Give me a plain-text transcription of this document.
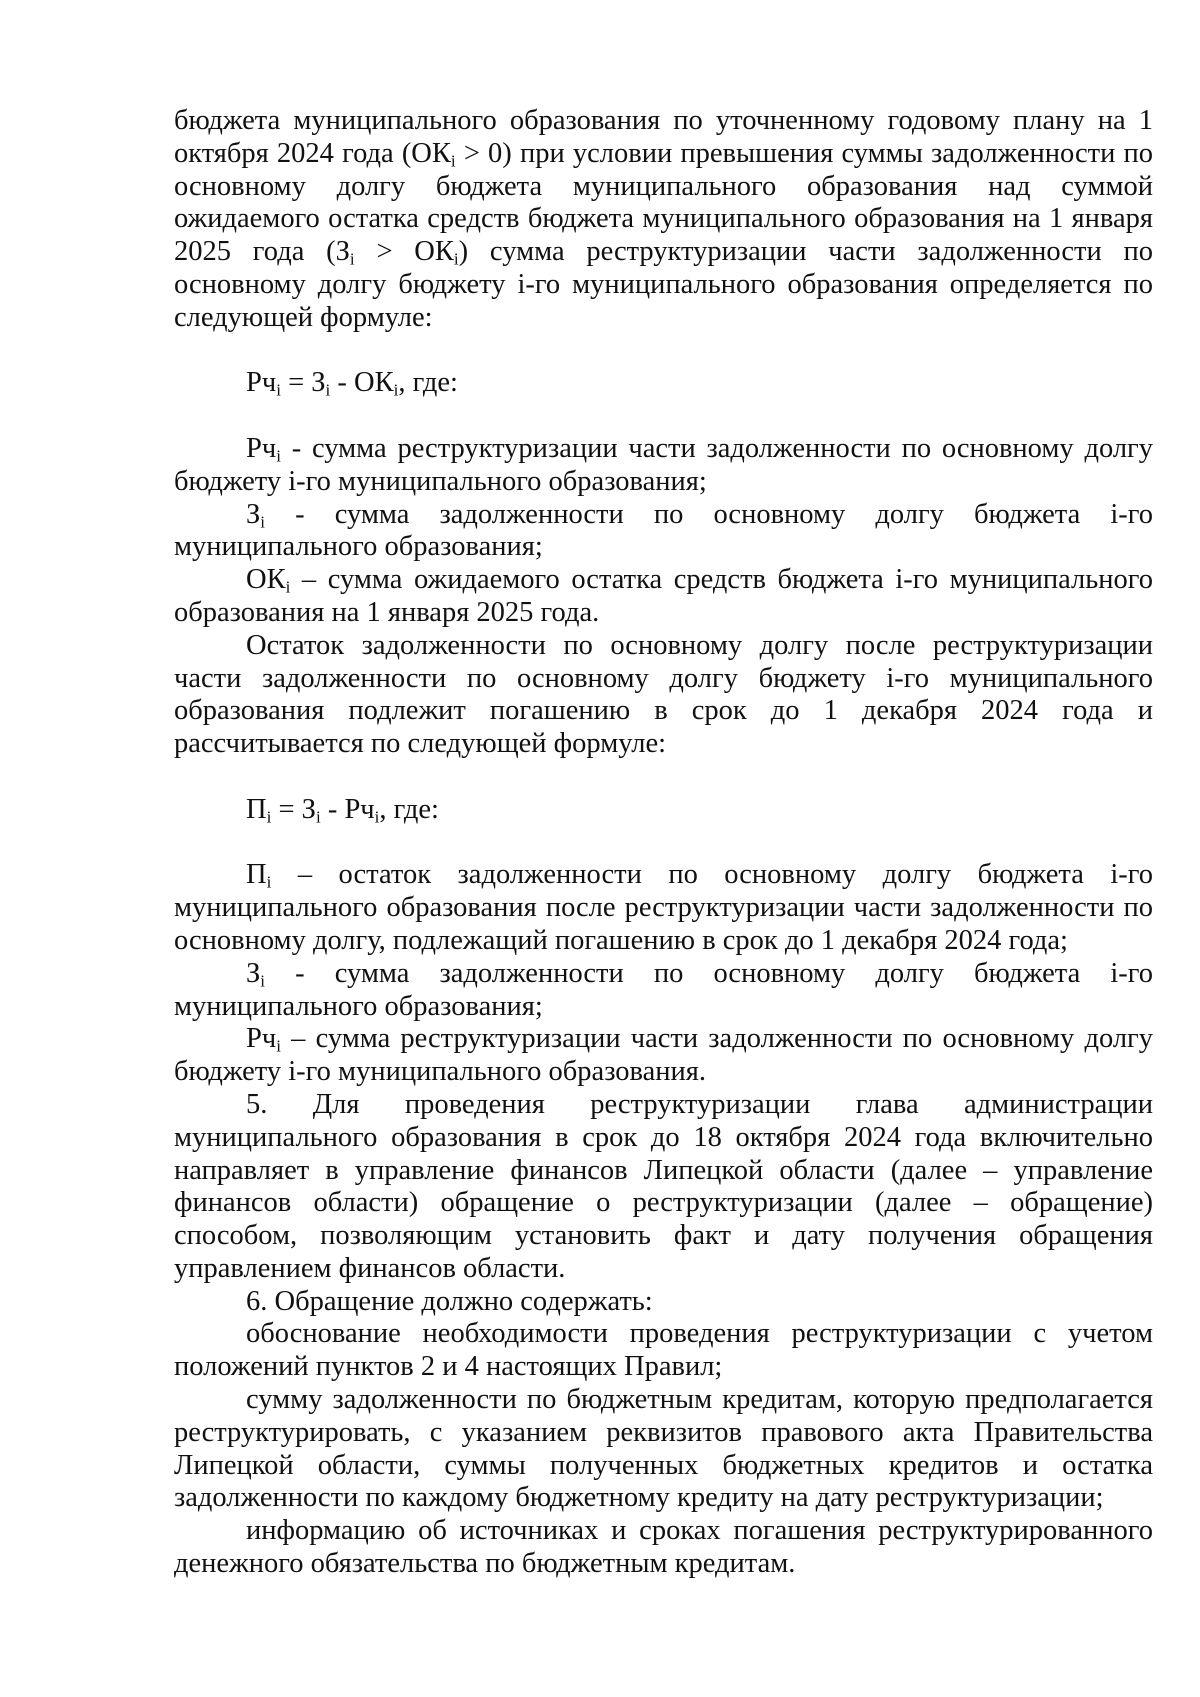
бюджета муниципального образования по уточненному годовому плану на 1 октября 2024 года $(ОК_i > 0)$ при условии превышения суммы задолженности по основному долгу бюджета муниципального образования над суммой ожидаемого остатка средств бюджета муниципального образования на 1 января 2025 года $(З_i > ОК_i)$ сумма реструктуризации части задолженности по основному долгу бюджету i-го муниципального образования определяется по следующей формуле:

$Рч_i = З_i - ОК_i$, где:

$Рч_i$ - сумма реструктуризации части задолженности по основному долгу бюджету i-го муниципального образования;

$З_i$ - сумма задолженности по основному долгу бюджета i-го муниципального образования;

$ОК_i$ – сумма ожидаемого остатка средств бюджета i-го муниципального образования на 1 января 2025 года.

Остаток задолженности по основному долгу после реструктуризации части задолженности по основному долгу бюджету i-го муниципального образования подлежит погашению в срок до 1 декабря 2024 года и рассчитывается по следующей формуле:

$П_i = З_i - Рч_i$, где:

$П_i$ – остаток задолженности по основному долгу бюджета i-го муниципального образования после реструктуризации части задолженности по основному долгу, подлежащий погашению в срок до 1 декабря 2024 года;

$З_i$ - сумма задолженности по основному долгу бюджета i-го муниципального образования;

$Рч_i$ – сумма реструктуризации части задолженности по основному долгу бюджету i-го муниципального образования.

5. Для проведения реструктуризации глава администрации муниципального образования в срок до 18 октября 2024 года включительно направляет в управление финансов Липецкой области (далее – управление финансов области) обращение о реструктуризации (далее – обращение) способом, позволяющим установить факт и дату получения обращения управлением финансов области.

6. Обращение должно содержать:

обоснование необходимости проведения реструктуризации с учетом положений пунктов 2 и 4 настоящих Правил;

сумму задолженности по бюджетным кредитам, которую предполагается реструктурировать, с указанием реквизитов правового акта Правительства Липецкой области, суммы полученных бюджетных кредитов и остатка задолженности по каждому бюджетному кредиту на дату реструктуризации;

информацию об источниках и сроках погашения реструктурированного денежного обязательства по бюджетным кредитам.
